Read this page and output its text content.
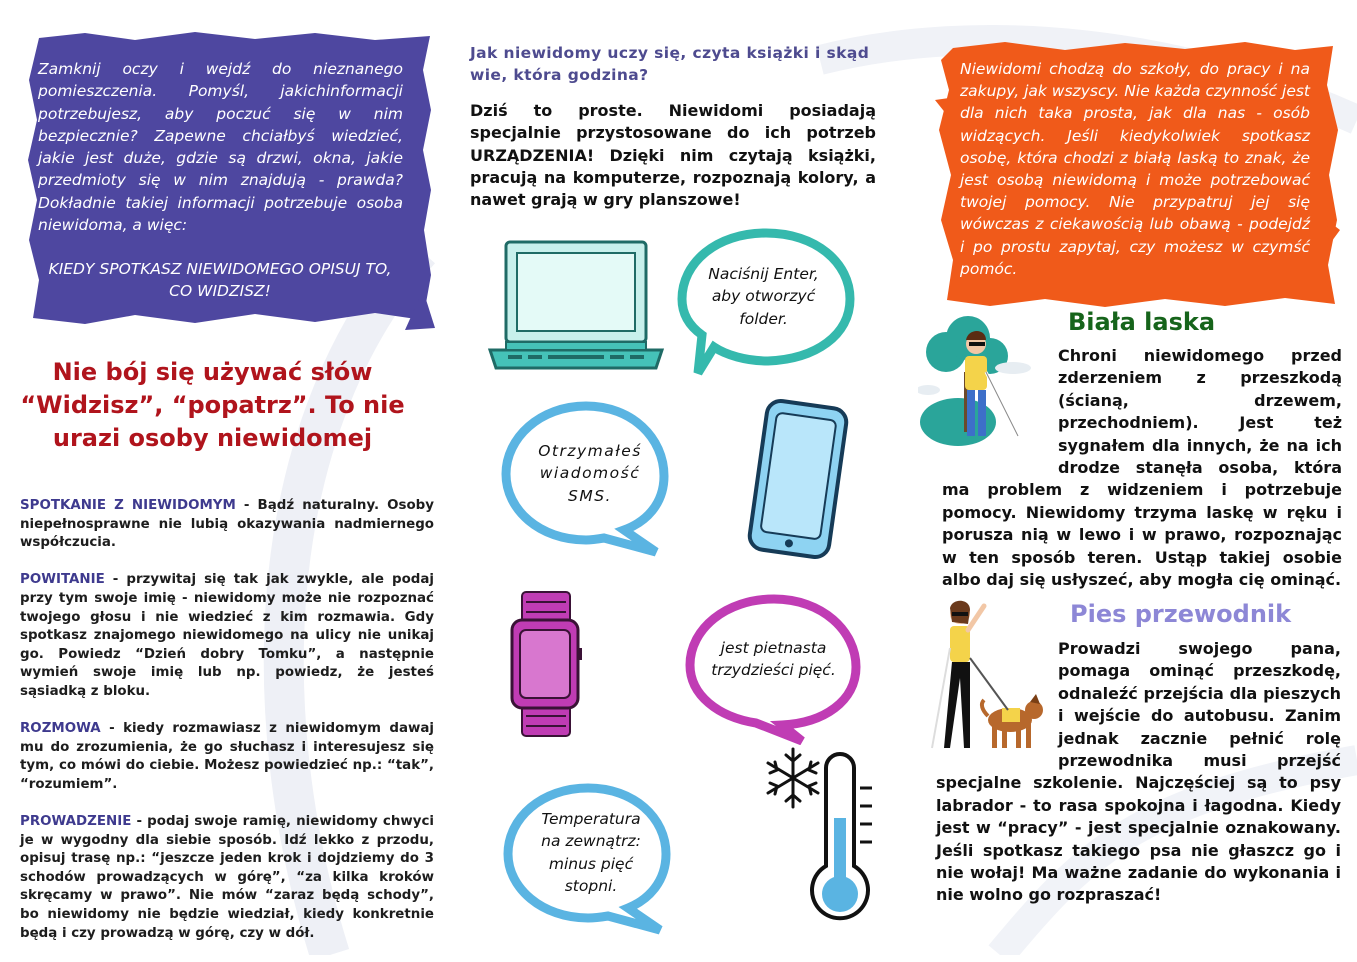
Zamknij oczy i wejdź do nieznanego pomieszczenia. Pomyśl, jakichinformacji potrzebujesz, aby poczuć się w nim bezpiecznie? Zapewne chciałbyś wiedzieć, jakie jest duże, gdzie są drzwi, okna, jakie przedmioty się w nim znajdują - prawda? Dokładnie takiej informacji potrzebuje osoba niewidoma, a więc:

KIEDY SPOTKASZ NIEWIDOMEGO OPISUJ TO, CO WIDZISZ!
Nie bój się używać słów “Widzisz”, “popatrz”. To nie urazi osoby niewidomej

SPOTKANIE Z NIEWIDOMYM - Bądź naturalny. Osoby niepełnosprawne nie lubią okazywania nadmiernego współczucia.

POWITANIE - przywitaj się tak jak zwykle, ale podaj przy tym swoje imię - niewidomy może nie rozpoznać twojego głosu i nie wiedzieć z kim rozmawia. Gdy spotkasz znajomego niewidomego na ulicy nie unikaj go. Powiedz “Dzień dobry Tomku”, a następnie wymień swoje imię lub np. powiedz, że jesteś sąsiadką z bloku.

ROZMOWA - kiedy rozmawiasz z niewidomym dawaj mu do zrozumienia, że go słuchasz i interesujesz się tym, co mówi do ciebie. Możesz powiedzieć np.: “tak”, “rozumiem”.

PROWADZENIE - podaj swoje ramię, niewidomy chwyci je w wygodny dla siebie sposób. Idź lekko z przodu, opisuj trasę np.: “jeszcze jeden krok i dojdziemy do 3 schodów prowadzących w górę”, “za kilka kroków skręcamy w prawo”. Nie mów “zaraz będą schody”, bo niewidomy nie będzie wiedział, kiedy konkretnie będą i czy prowadzą w górę, czy w dół.

Jak niewidomy uczy się, czyta książki i skąd wie, która godzina?
Dziś to proste. Niewidomi posiadają specjalnie przystosowane do ich potrzeb URZĄDZENIA! Dzięki nim czytają książki, pracują na komputerze, rozpoznają kolory, a nawet grają w gry planszowe!
Naciśnij Enter, aby otworzyć folder.
Otrzymałeś wiadomość SMS.
jest pietnasta trzydzieści pięć.
Temperatura na zewnątrz: minus pięć stopni.
Niewidomi chodzą do szkoły, do pracy i na zakupy, jak wszyscy. Nie każda czynność jest dla nich taka prosta, jak dla nas - osób widzących. Jeśli kiedykolwiek spotkasz osobę, która chodzi z białą laską to znak, że jest osobą niewidomą i może potrzebować twojej pomocy. Nie przypatruj jej się wówczas z ciekawością lub obawą - podejdź i po prostu zapytaj, czy możesz w czymść pomóc.
Biała laska

Chroni niewidomego przed zderzeniem z przeszkodą (ścianą, drzewem, przechodniem). Jest też sygnałem dla innych, że na ich drodze stanęła osoba, która ma problem z widzeniem i potrzebuje pomocy. Niewidomy trzyma laskę w ręku i porusza nią w lewo i w prawo, rozpoznając w ten sposób teren. Ustąp takiej osobie albo daj się usłyszeć, aby mogła cię ominąć.

Pies przewodnik

Prowadzi swojego pana, pomaga ominąć przeszkodę, odnaleźć przejścia dla pieszych i wejście do autobusu. Zanim jednak zacznie pełnić rolę przewodnika musi przejść specjalne szkolenie. Najczęściej są to psy labrador - to rasa spokojna i łagodna. Kiedy jest w “pracy” - jest specjalnie oznakowany. Jeśli spotkasz takiego psa nie głaszcz go i nie wołaj! Ma ważne zadanie do wykonania i nie wolno go rozpraszać!
